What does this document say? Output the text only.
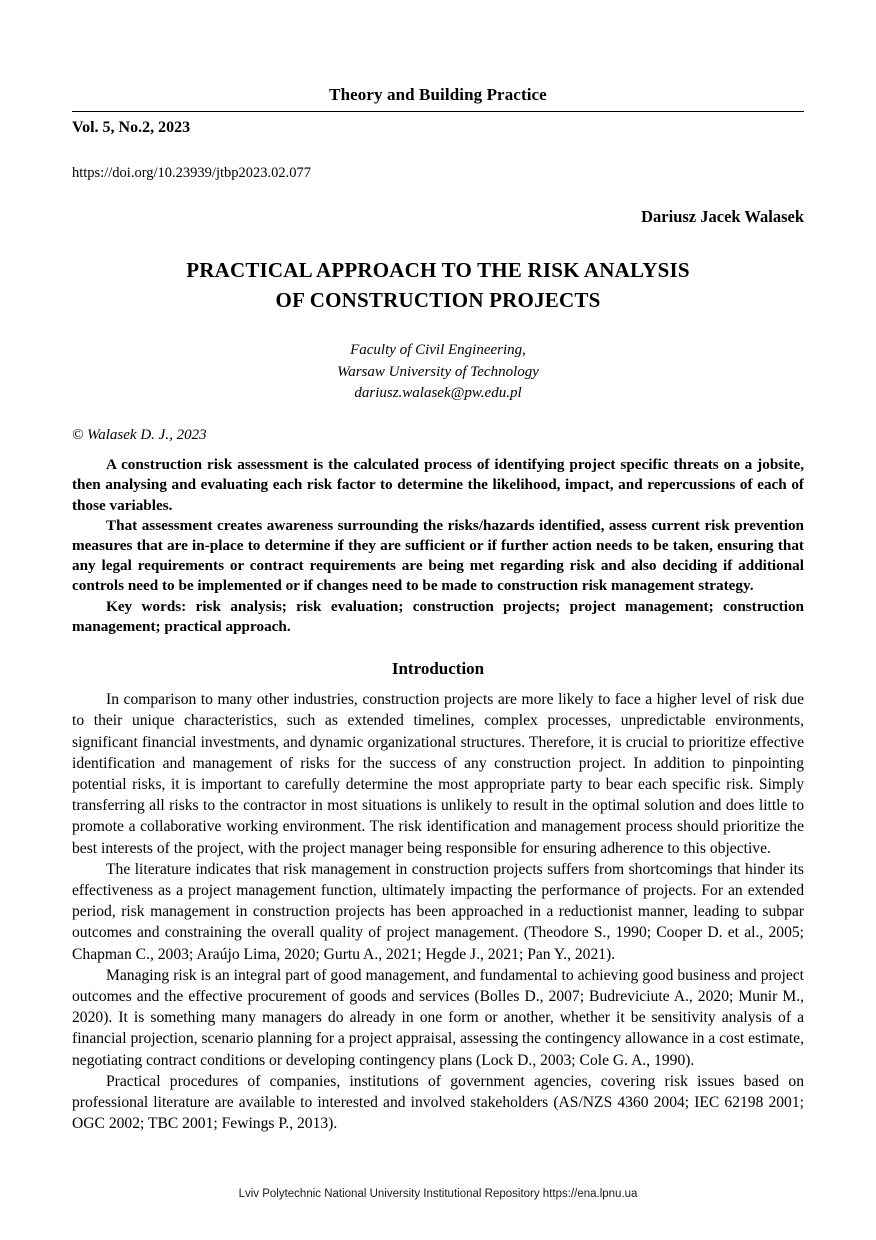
Theory and Building Practice
Vol. 5, No.2, 2023
https://doi.org/10.23939/jtbp2023.02.077
Dariusz Jacek Walasek
PRACTICAL APPROACH TO THE RISK ANALYSIS
OF CONSTRUCTION PROJECTS
Faculty of Civil Engineering,
Warsaw University of Technology
dariusz.walasek@pw.edu.pl
© Walasek D. J., 2023

A construction risk assessment is the calculated process of identifying project specific threats on a jobsite, then analysing and evaluating each risk factor to determine the likelihood, impact, and repercussions of each of those variables.

That assessment creates awareness surrounding the risks/hazards identified, assess current risk prevention measures that are in-place to determine if they are sufficient or if further action needs to be taken, ensuring that any legal requirements or contract requirements are being met regarding risk and also deciding if additional controls need to be implemented or if changes need to be made to construction risk management strategy.

Key words: risk analysis; risk evaluation; construction projects; project management; construction management; practical approach.

Introduction

In comparison to many other industries, construction projects are more likely to face a higher level of risk due to their unique characteristics, such as extended timelines, complex processes, unpredictable environments, significant financial investments, and dynamic organizational structures. Therefore, it is crucial to prioritize effective identification and management of risks for the success of any construction project. In addition to pinpointing potential risks, it is important to carefully determine the most appropriate party to bear each specific risk. Simply transferring all risks to the contractor in most situations is unlikely to result in the optimal solution and does little to promote a collaborative working environment. The risk identification and management process should prioritize the best interests of the project, with the project manager being responsible for ensuring adherence to this objective.

The literature indicates that risk management in construction projects suffers from shortcomings that hinder its effectiveness as a project management function, ultimately impacting the performance of projects. For an extended period, risk management in construction projects has been approached in a reductionist manner, leading to subpar outcomes and constraining the overall quality of project management. (Theodore S., 1990; Cooper D. et al., 2005; Chapman C., 2003; Araújo Lima, 2020; Gurtu A., 2021; Hegde J., 2021; Pan Y., 2021).

Managing risk is an integral part of good management, and fundamental to achieving good business and project outcomes and the effective procurement of goods and services (Bolles D., 2007; Budreviciute A., 2020; Munir M., 2020). It is something many managers do already in one form or another, whether it be sensitivity analysis of a financial projection, scenario planning for a project appraisal, assessing the contingency allowance in a cost estimate, negotiating contract conditions or developing contingency plans (Lock D., 2003; Cole G. A., 1990).

Practical procedures of companies, institutions of government agencies, covering risk issues based on professional literature are available to interested and involved stakeholders (AS/NZS 4360 2004; IEC 62198 2001; OGC 2002; TBC 2001; Fewings P., 2013).

Lviv Polytechnic National University Institutional Repository https://ena.lpnu.ua
